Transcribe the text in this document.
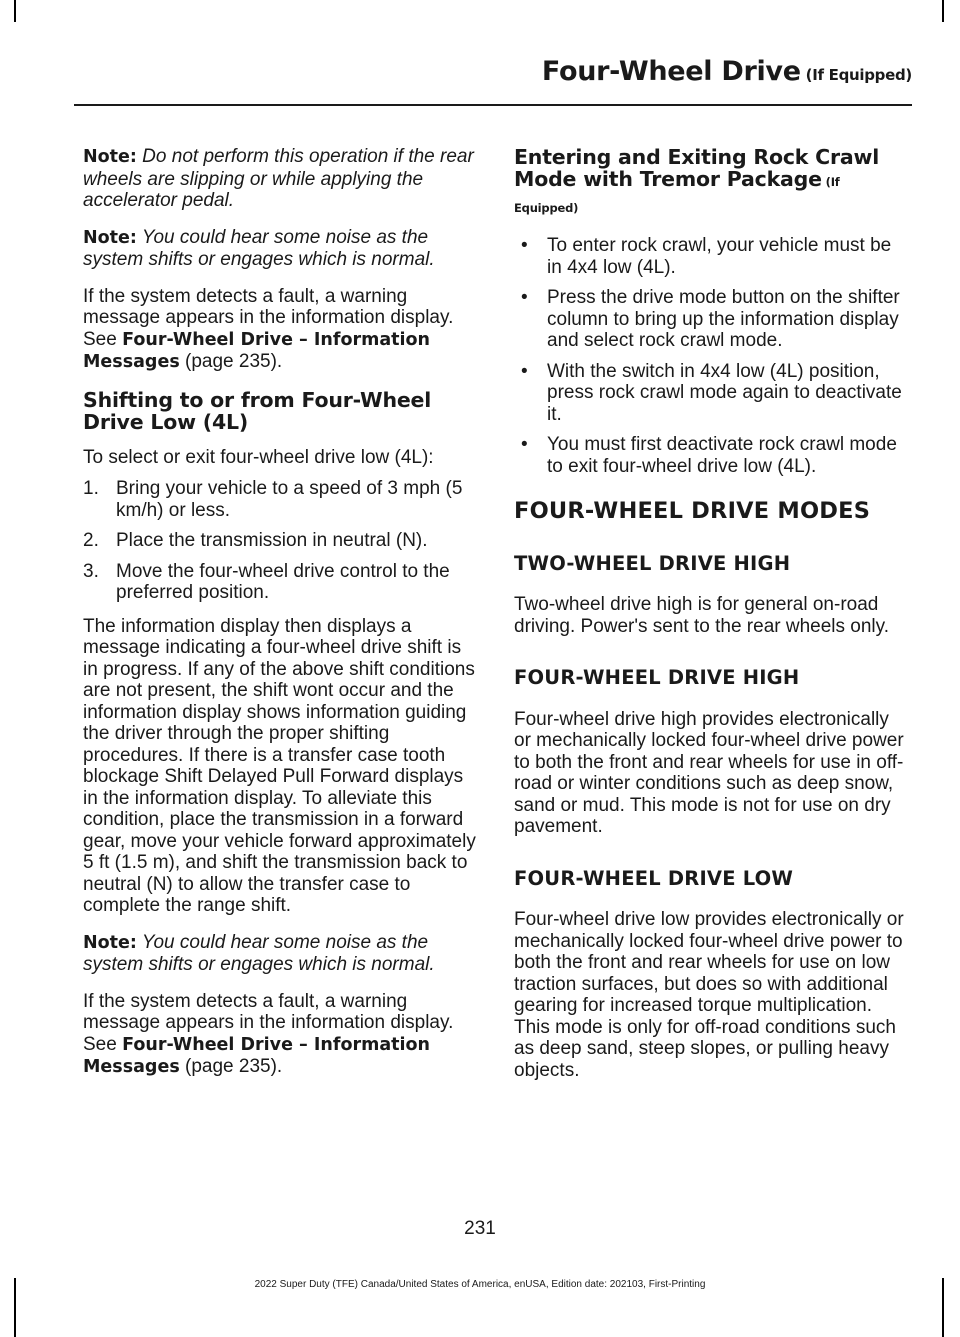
Four-Wheel Drive (If Equipped)

Note: Do not perform this operation if the rear wheels are slipping or while applying the accelerator pedal.

Note: You could hear some noise as the system shifts or engages which is normal.

If the system detects a fault, a warning message appears in the information display. See Four-Wheel Drive – Information Messages (page 235).

Shifting to or from Four-Wheel Drive Low (4L)

To select or exit four-wheel drive low (4L):

1. Bring your vehicle to a speed of 3 mph (5 km/h) or less.
2. Place the transmission in neutral (N).
3. Move the four-wheel drive control to the preferred position.

The information display then displays a message indicating a four-wheel drive shift is in progress. If any of the above shift conditions are not present, the shift wont occur and the information display shows information guiding the driver through the proper shifting procedures. If there is a transfer case tooth blockage Shift Delayed Pull Forward displays in the information display. To alleviate this condition, place the transmission in a forward gear, move your vehicle forward approximately 5 ft (1.5 m), and shift the transmission back to neutral (N) to allow the transfer case to complete the range shift.

Note: You could hear some noise as the system shifts or engages which is normal.

If the system detects a fault, a warning message appears in the information display. See Four-Wheel Drive – Information Messages (page 235).

Entering and Exiting Rock Crawl Mode with Tremor Package (If
Equipped)
• To enter rock crawl, your vehicle must be in 4x4 low (4L).
• Press the drive mode button on the shifter column to bring up the information display and select rock crawl mode.
• With the switch in 4x4 low (4L) position, press rock crawl mode again to deactivate it.
• You must first deactivate rock crawl mode to exit four-wheel drive low (4L).
FOUR-WHEEL DRIVE MODES
TWO-WHEEL DRIVE HIGH

Two-wheel drive high is for general on-road driving. Power's sent to the rear wheels only.

FOUR-WHEEL DRIVE HIGH

Four-wheel drive high provides electronically or mechanically locked four-wheel drive power to both the front and rear wheels for use in off-road or winter conditions such as deep snow, sand or mud. This mode is not for use on dry pavement.

FOUR-WHEEL DRIVE LOW

Four-wheel drive low provides electronically or mechanically locked four-wheel drive power to both the front and rear wheels for use on low traction surfaces, but does so with additional gearing for increased torque multiplication. This mode is only for off-road conditions such as deep sand, steep slopes, or pulling heavy objects.

231
2022 Super Duty (TFE) Canada/United States of America, enUSA, Edition date: 202103, First-Printing
